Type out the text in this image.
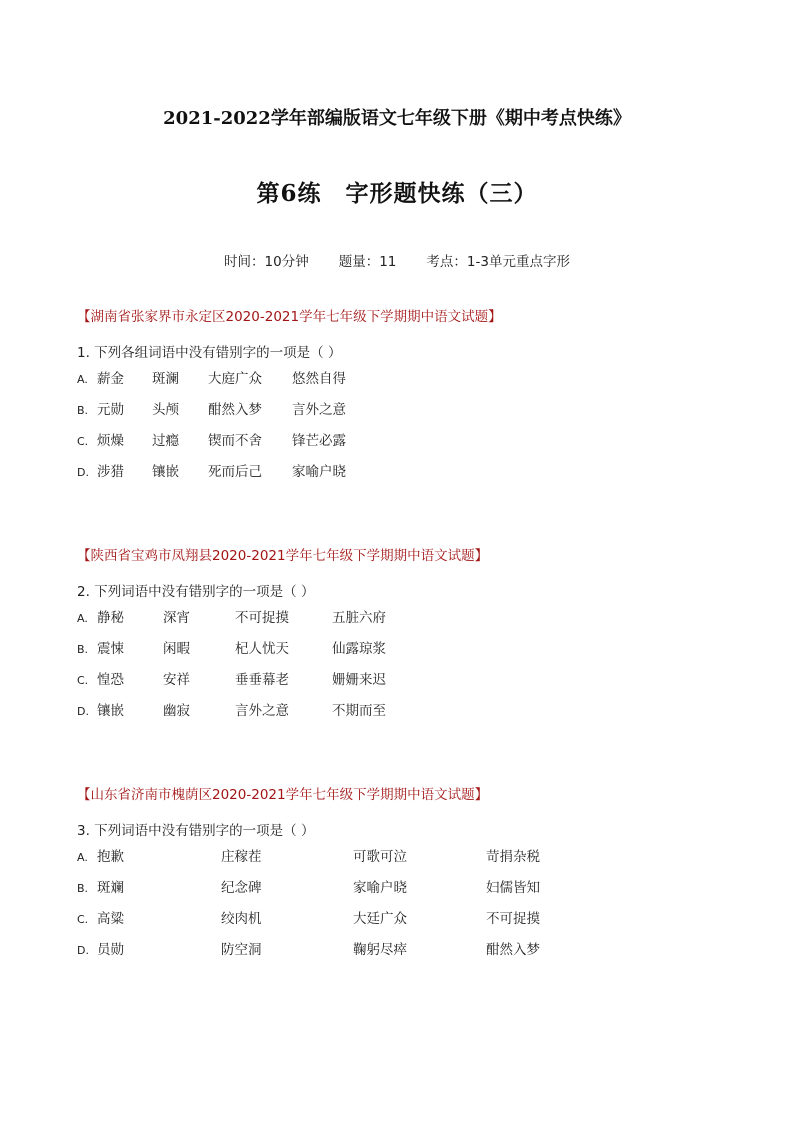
2021-2022学年部编版语文七年级下册《期中考点快练》
第6练 字形题快练（三）
时间：10分钟 题量：11 考点：1-3单元重点字形
【湖南省张家界市永定区2020-2021学年七年级下学期期中语文试题】
1. 下列各组词语中没有错别字的一项是（ ）
A. 薪金 斑澜 大庭广众 悠然自得
B. 元勋 头颅 酣然入梦 言外之意
C. 烦燥 过瘾 锲而不舍 锋芒必露
D. 涉猎 镶嵌 死而后己 家喻户晓
【陕西省宝鸡市凤翔县2020-2021学年七年级下学期期中语文试题】
2. 下列词语中没有错别字的一项是（ ）
A. 静秘	深宵	不可捉摸	五脏六府
B. 震悚	闲暇	杞人忧天	仙露琼浆
C. 惶恐	安祥	垂垂幕老	姗姗来迟
D. 镶嵌	幽寂	言外之意	不期而至
【山东省济南市槐荫区2020-2021学年七年级下学期期中语文试题】
3. 下列词语中没有错别字的一项是（ ）
A. 抱歉	庄稼茬	可歌可泣	苛捐杂税
B. 斑斓	纪念碑	家喻户晓	妇儒皆知
C. 高粱	绞肉机	大廷广众	不可捉摸
D. 员勋	防空洞	鞠躬尽瘁	酣然入梦
